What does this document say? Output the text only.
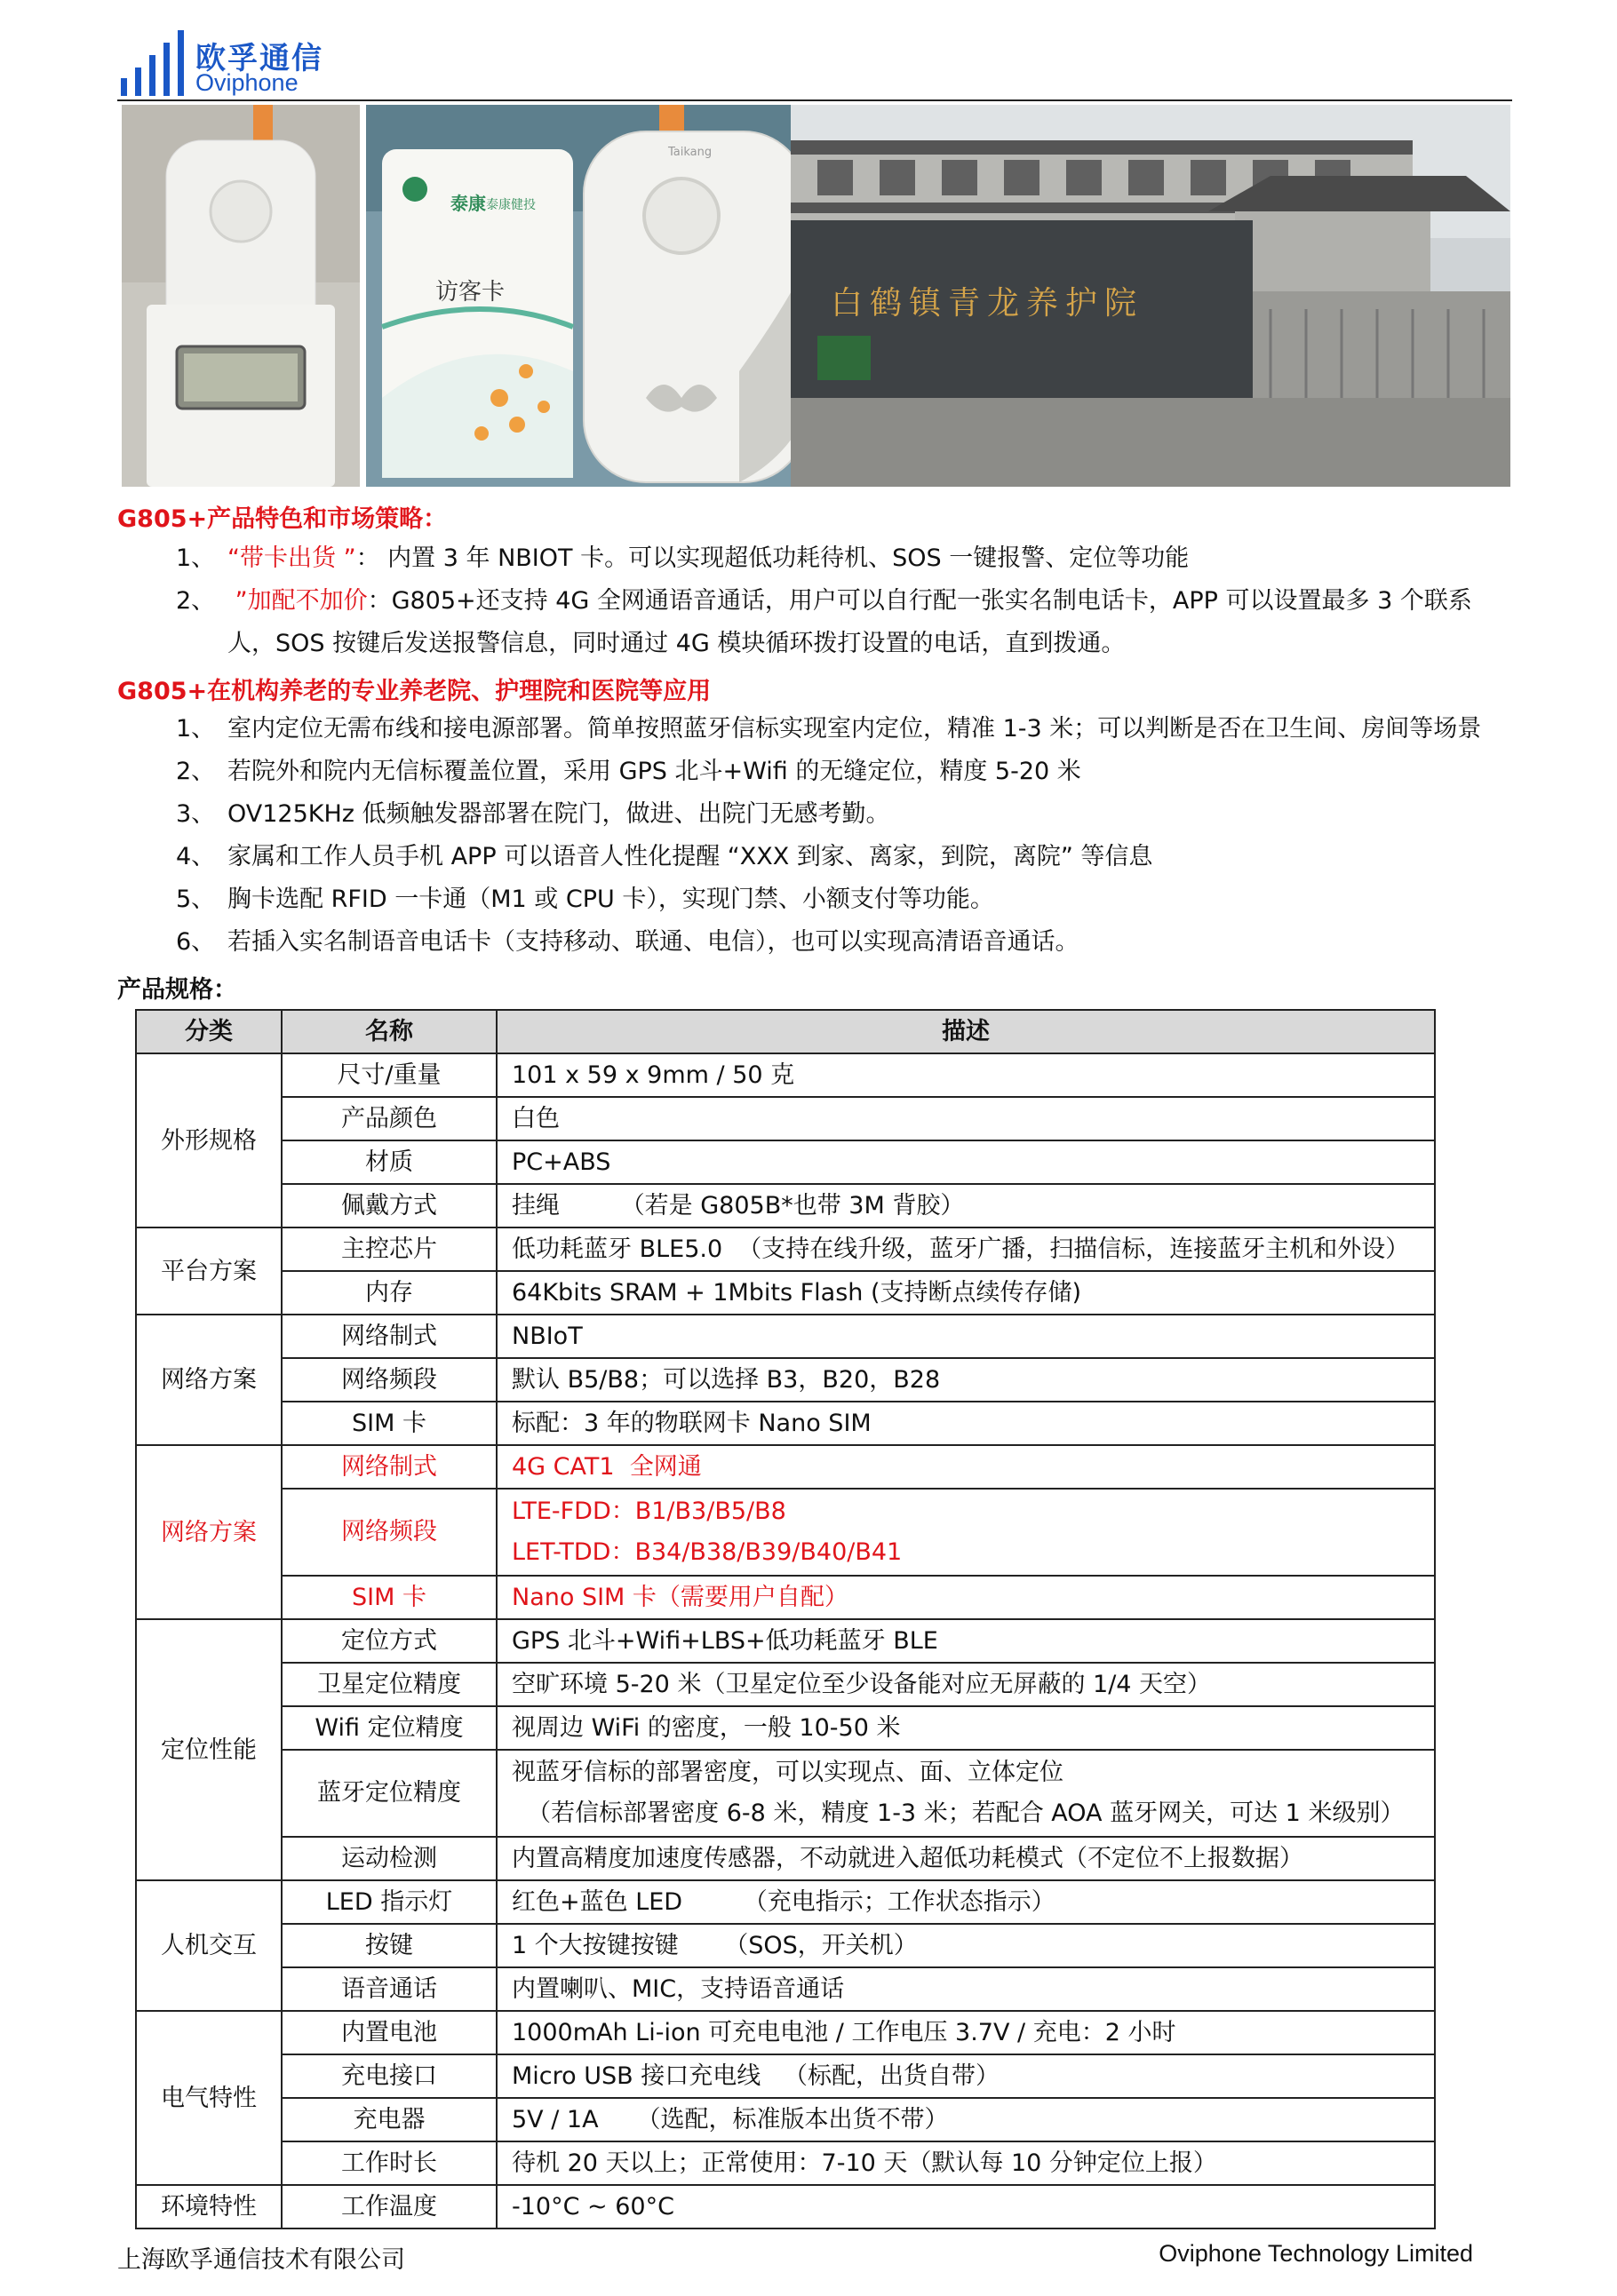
欧孚通信
Oviphone
泰康 泰康健投
访客卡
Taikang
白鹤镇青龙养护院
G805+产品特色和市场策略：
1、 “带卡出货 ”： 内置 3 年 NBIOT 卡。可以实现超低功耗待机、SOS 一键报警、定位等功能
2、 ”加配不加价：G805+还支持 4G 全网通语音通话，用户可以自行配一张实名制电话卡，APP 可以设置最多 3 个联系
人，SOS 按键后发送报警信息，同时通过 4G 模块循环拨打设置的电话，直到拨通。
G805+在机构养老的专业养老院、护理院和医院等应用
1、 室内定位无需布线和接电源部署。简单按照蓝牙信标实现室内定位，精准 1-3 米；可以判断是否在卫生间、房间等场景
2、 若院外和院内无信标覆盖位置，采用 GPS 北斗+Wifi 的无缝定位，精度 5-20 米
3、 OV125KHz 低频触发器部署在院门，做进、出院门无感考勤。
4、 家属和工作人员手机 APP 可以语音人性化提醒 “XXX 到家、离家，到院，离院” 等信息
5、 胸卡选配 RFID 一卡通（M1 或 CPU 卡），实现门禁、小额支付等功能。
6、 若插入实名制语音电话卡（支持移动、联通、电信），也可以实现高清语音通话。
产品规格：
分类	名称	描述
外形规格	尺寸/重量	101 x 59 x 9mm / 50 克

	产品颜色	白色

	材质	PC+ABS

	佩戴方式	挂绳        （若是 G805B*也带 3M 背胶）

平台方案	主控芯片	低功耗蓝牙 BLE5.0  （支持在线升级，蓝牙广播，扫描信标，连接蓝牙主机和外设）

	内存	64Kbits SRAM + 1Mbits Flash (支持断点续传存储)

网络方案	网络制式	NBIoT

	网络频段	默认 B5/B8；可以选择 B3，B20，B28

	SIM 卡	标配：3 年的物联网卡 Nano SIM

网络方案	网络制式	4G CAT1  全网通

	网络频段	LTE-FDD：B1/B3/B5/B8
LET-TDD：B34/B38/B39/B40/B41

	SIM 卡	Nano SIM 卡（需要用户自配）

定位性能	定位方式	GPS 北斗+Wifi+LBS+低功耗蓝牙 BLE

	卫星定位精度	空旷环境 5-20 米（卫星定位至少设备能对应无屏蔽的 1/4 天空）

	Wifi 定位精度	视周边 WiFi 的密度，一般 10-50 米

	蓝牙定位精度	视蓝牙信标的部署密度，可以实现点、面、立体定位
（若信标部署密度 6-8 米，精度 1-3 米；若配合 AOA 蓝牙网关，可达 1 米级别）

	运动检测	内置高精度加速度传感器，不动就进入超低功耗模式（不定位不上报数据）

人机交互	LED 指示灯	红色+蓝色 LED        （充电指示；工作状态指示）

	按键	1 个大按键按键      （SOS，开关机）

	语音通话	内置喇叭、MIC，支持语音通话

电气特性	内置电池	1000mAh Li-ion 可充电电池 / 工作电压 3.7V / 充电：2 小时

	充电接口	Micro USB 接口充电线   （标配，出货自带）

	充电器	5V / 1A     （选配，标准版本出货不带）

	工作时长	待机 20 天以上；正常使用：7-10 天（默认每 10 分钟定位上报）

环境特性	工作温度	-10°C ~ 60°C
上海欧孚通信技术有限公司	Oviphone Technology Limited
